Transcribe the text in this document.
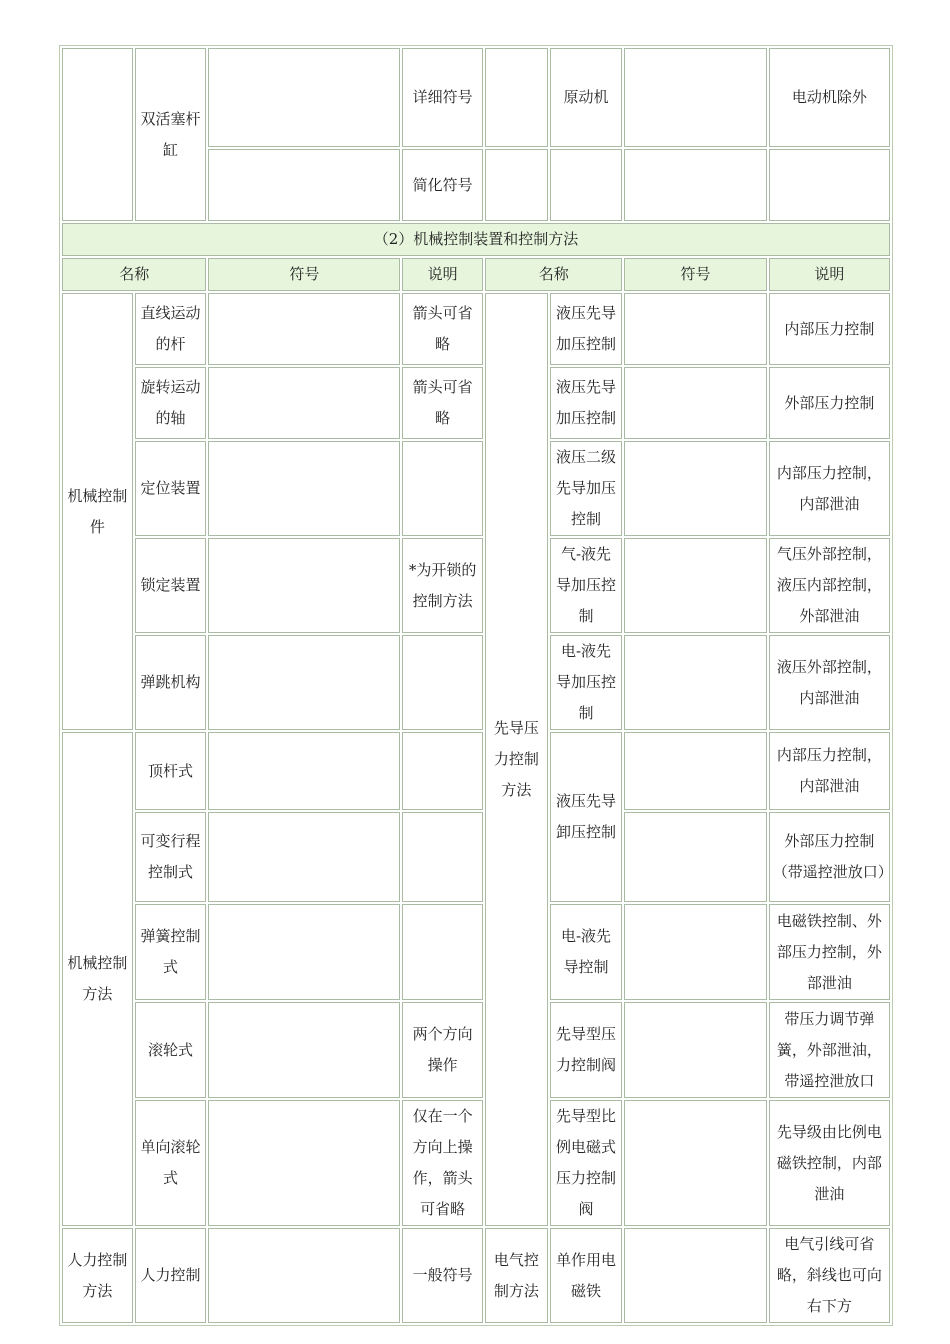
	双活塞杆缸		详细符号		原动机		电动机除外
			简化符号				
（2）机械控制装置和控制方法							
名称		符号	说明	名称		符号	说明
机械控制件	直线运动的杆		箭头可省略	先导压力控制方法	液压先导加压控制		内部压力控制
	旋转运动的轴		箭头可省略		液压先导加压控制		外部压力控制
	定位装置				液压二级先导加压控制		内部压力控制，内部泄油
	锁定装置		*为开锁的控制方法		气-液先导加压控制		气压外部控制，液压内部控制，外部泄油
	弹跳机构				电-液先导加压控制		液压外部控制，内部泄油
机械控制方法	顶杆式				液压先导卸压控制		内部压力控制，内部泄油
	可变行程控制式						外部压力控制（带遥控泄放口）
	弹簧控制式				电-液先导控制		电磁铁控制、外部压力控制，外部泄油
	滚轮式		两个方向操作		先导型压力控制阀		带压力调节弹簧，外部泄油，带遥控泄放口
	单向滚轮式		仅在一个方向上操作，箭头可省略		先导型比例电磁式压力控制阀		先导级由比例电磁铁控制，内部泄油
人力控制方法	人力控制		一般符号	电气控制方法	单作用电磁铁		电气引线可省略，斜线也可向右下方
